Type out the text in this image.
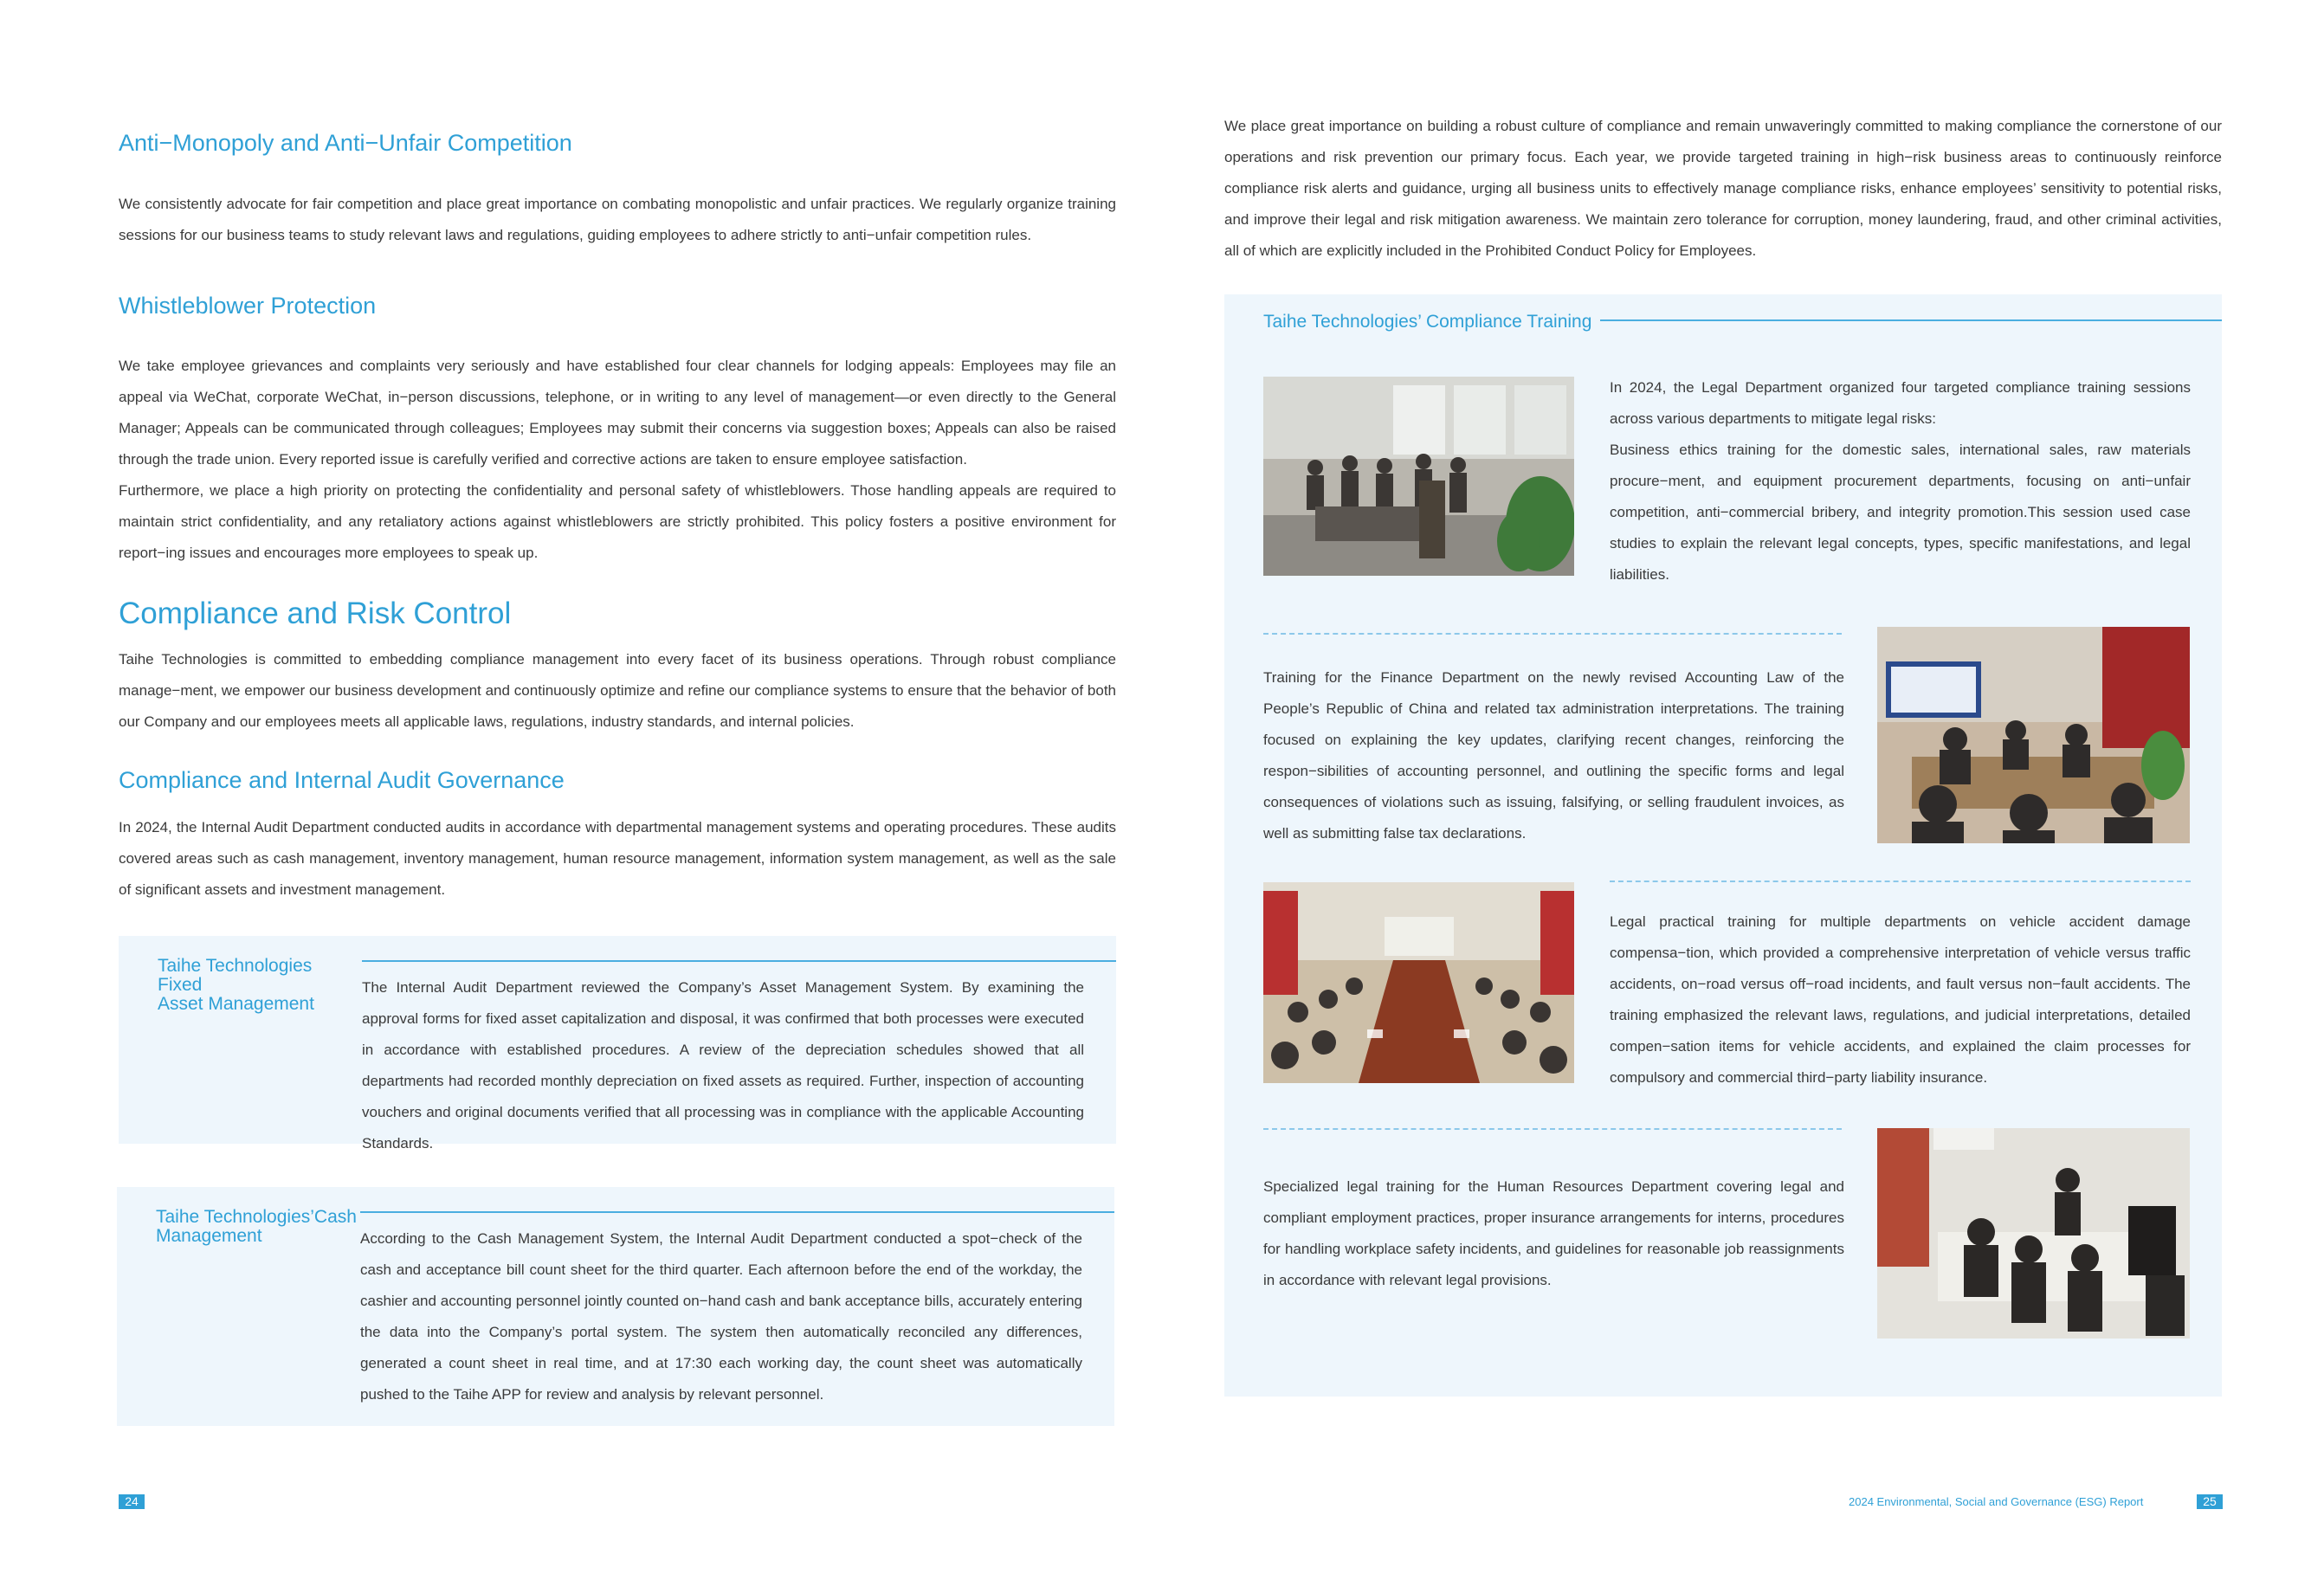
Anti−Monopoly and Anti−Unfair Competition

We consistently advocate for fair competition and place great importance on combating monopolistic and unfair practices. We regularly organize training sessions for our business teams to study relevant laws and regulations, guiding employees to adhere strictly to anti−unfair competition rules.

Whistleblower Protection

We take employee grievances and complaints very seriously and have established four clear channels for lodging appeals: Employees may file an appeal via WeChat, corporate WeChat, in−person discussions, telephone, or in writing to any level of management—or even directly to the General Manager; Appeals can be communicated through colleagues; Employees may submit their concerns via suggestion boxes; Appeals can also be raised through the trade union. Every reported issue is carefully verified and corrective actions are taken to ensure employee satisfaction.

Furthermore, we place a high priority on protecting the confidentiality and personal safety of whistleblowers. Those handling appeals are required to maintain strict confidentiality, and any retaliatory actions against whistleblowers are strictly prohibited. This policy fosters a positive environment for report−ing issues and encourages more employees to speak up.

Compliance and Risk Control

Taihe Technologies is committed to embedding compliance management into every facet of its business operations. Through robust compliance manage−ment, we empower our business development and continuously optimize and refine our compliance systems to ensure that the behavior of both our Company and our employees meets all applicable laws, regulations, industry standards, and internal policies.

Compliance and Internal Audit Governance

In 2024, the Internal Audit Department conducted audits in accordance with departmental management systems and operating procedures. These audits covered areas such as cash management, inventory management, human resource management, information system management, as well as the sale of significant assets and investment management.

Taihe Technologies Fixed
Asset Management

The Internal Audit Department reviewed the Company’s Asset Management System. By examining the approval forms for fixed asset capitalization and disposal, it was confirmed that both processes were executed in accordance with established procedures. A review of the depreciation schedules showed that all departments had recorded monthly depreciation on fixed assets as required. Further, inspection of accounting vouchers and original documents verified that all processing was in compliance with the applicable Accounting Standards.

Taihe Technologies’Cash
Management	According to the Cash Management System, the Internal Audit Department conducted a spot−check of the cash and acceptance bill count sheet for the third quarter. Each afternoon before the end of the workday, the cashier and accounting personnel jointly counted on−hand cash and bank acceptance bills, accurately entering the data into the Company’s portal system. The system then automatically reconciled any differences, generated a count sheet in real time, and at 17:30 each working day, the count sheet was automatically pushed to the Taihe APP for review and analysis by relevant personnel.

24

We place great importance on building a robust culture of compliance and remain unwaveringly committed to making compliance the cornerstone of our operations and risk prevention our primary focus. Each year, we provide targeted training in high−risk business areas to continuously reinforce compliance risk alerts and guidance, urging all business units to effectively manage compliance risks, enhance employees’ sensitivity to potential risks, and improve their legal and risk mitigation awareness. We maintain zero tolerance for corruption, money laundering, fraud, and other criminal activities, all of which are explicitly included in the Prohibited Conduct Policy for Employees.

Taihe Technologies’ Compliance Training

In 2024, the Legal Department organized four targeted compliance training sessions across various departments to mitigate legal risks:

Business ethics training for the domestic sales, international sales, raw materials procure−ment, and equipment procurement departments, focusing on anti−unfair competition, anti−commercial bribery, and integrity promotion.This session used case studies to explain the relevant legal concepts, types, specific manifestations, and legal liabilities.

Training for the Finance Department on the newly revised Accounting Law of the People’s Republic of China and related tax administration interpretations. The training focused on explaining the key updates, clarifying recent changes, reinforcing the respon−sibilities of accounting personnel, and outlining the specific forms and legal consequences of violations such as issuing, falsifying, or selling fraudulent invoices, as well as submitting false tax declarations.

Legal practical training for multiple departments on vehicle accident damage compensa−tion, which provided a comprehensive interpretation of vehicle versus traffic accidents, on−road versus off−road incidents, and fault versus non−fault accidents. The training emphasized the relevant laws, regulations, and judicial interpretations, detailed compen−sation items for vehicle accidents, and explained the claim processes for compulsory and commercial third−party liability insurance.

Specialized legal training for the Human Resources Department covering legal and compliant employment practices, proper insurance arrangements for interns, procedures for handling workplace safety incidents, and guidelines for reasonable job reassignments in accordance with relevant legal provisions.

2024 Environmental, Social and Governance (ESG) Report	25
